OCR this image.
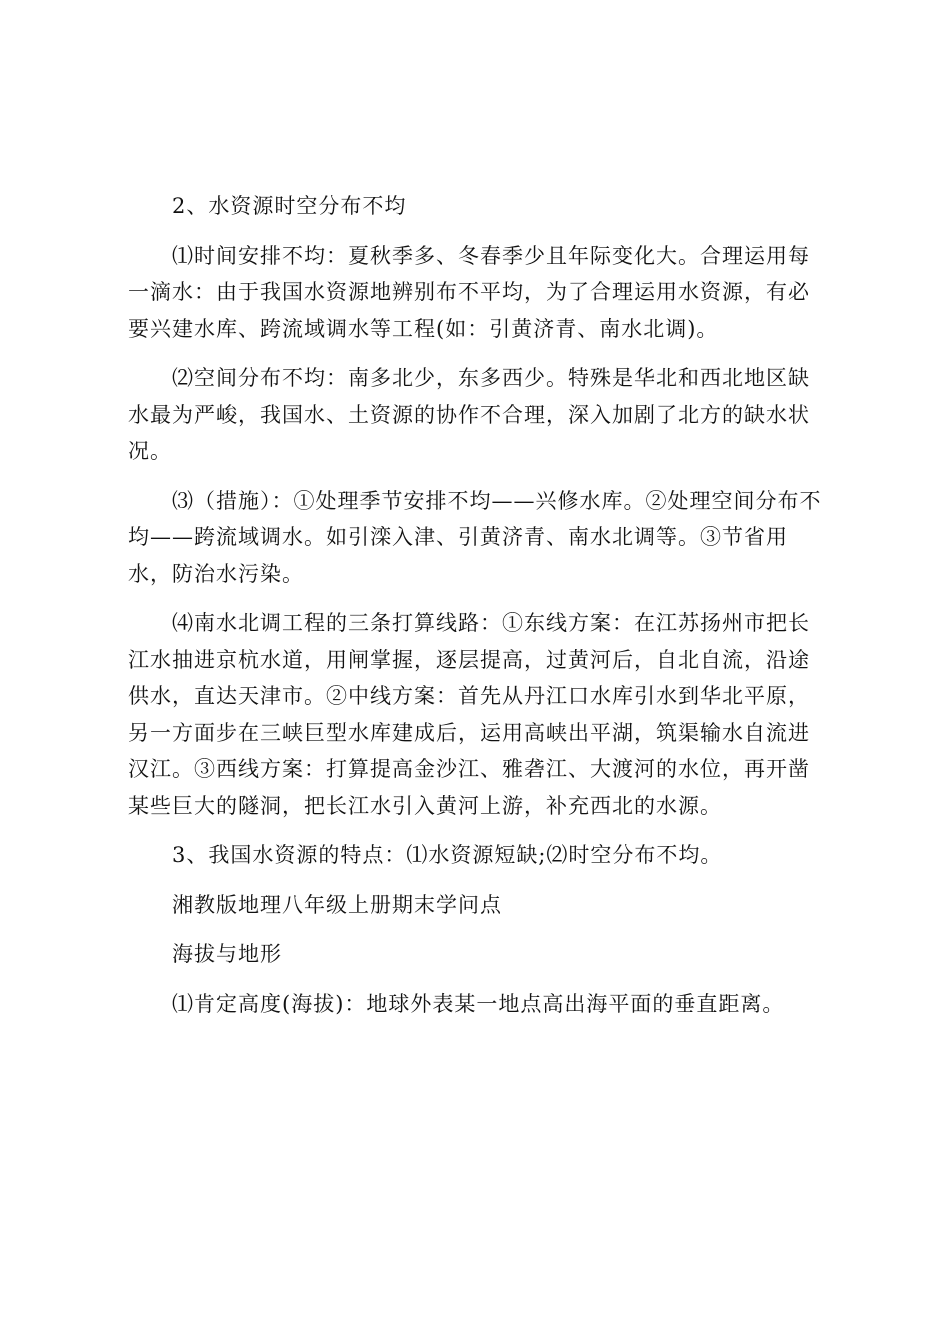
2、水资源时空分布不均

⑴时间安排不均：夏秋季多、冬春季少且年际变化大。合理运用每一滴水：由于我国水资源地辨别布不平均，为了合理运用水资源，有必要兴建水库、跨流域调水等工程(如：引黄济青、南水北调)。

⑵空间分布不均：南多北少，东多西少。特殊是华北和西北地区缺水最为严峻，我国水、土资源的协作不合理，深入加剧了北方的缺水状况。

⑶（措施）：①处理季节安排不均——兴修水库。②处理空间分布不均——跨流域调水。如引滦入津、引黄济青、南水北调等。③节省用水，防治水污染。

⑷南水北调工程的三条打算线路：①东线方案：在江苏扬州市把长江水抽进京杭水道，用闸掌握，逐层提高，过黄河后，自北自流，沿途供水，直达天津市。②中线方案：首先从丹江口水库引水到华北平原，另一方面步在三峡巨型水库建成后，运用高峡出平湖，筑渠输水自流进汉江。③西线方案：打算提高金沙江、雅砻江、大渡河的水位，再开凿某些巨大的隧洞，把长江水引入黄河上游，补充西北的水源。

3、我国水资源的特点：⑴水资源短缺;⑵时空分布不均。

湘教版地理八年级上册期末学问点

海拔与地形

⑴肯定高度(海拔)：地球外表某一地点高出海平面的垂直距离。
